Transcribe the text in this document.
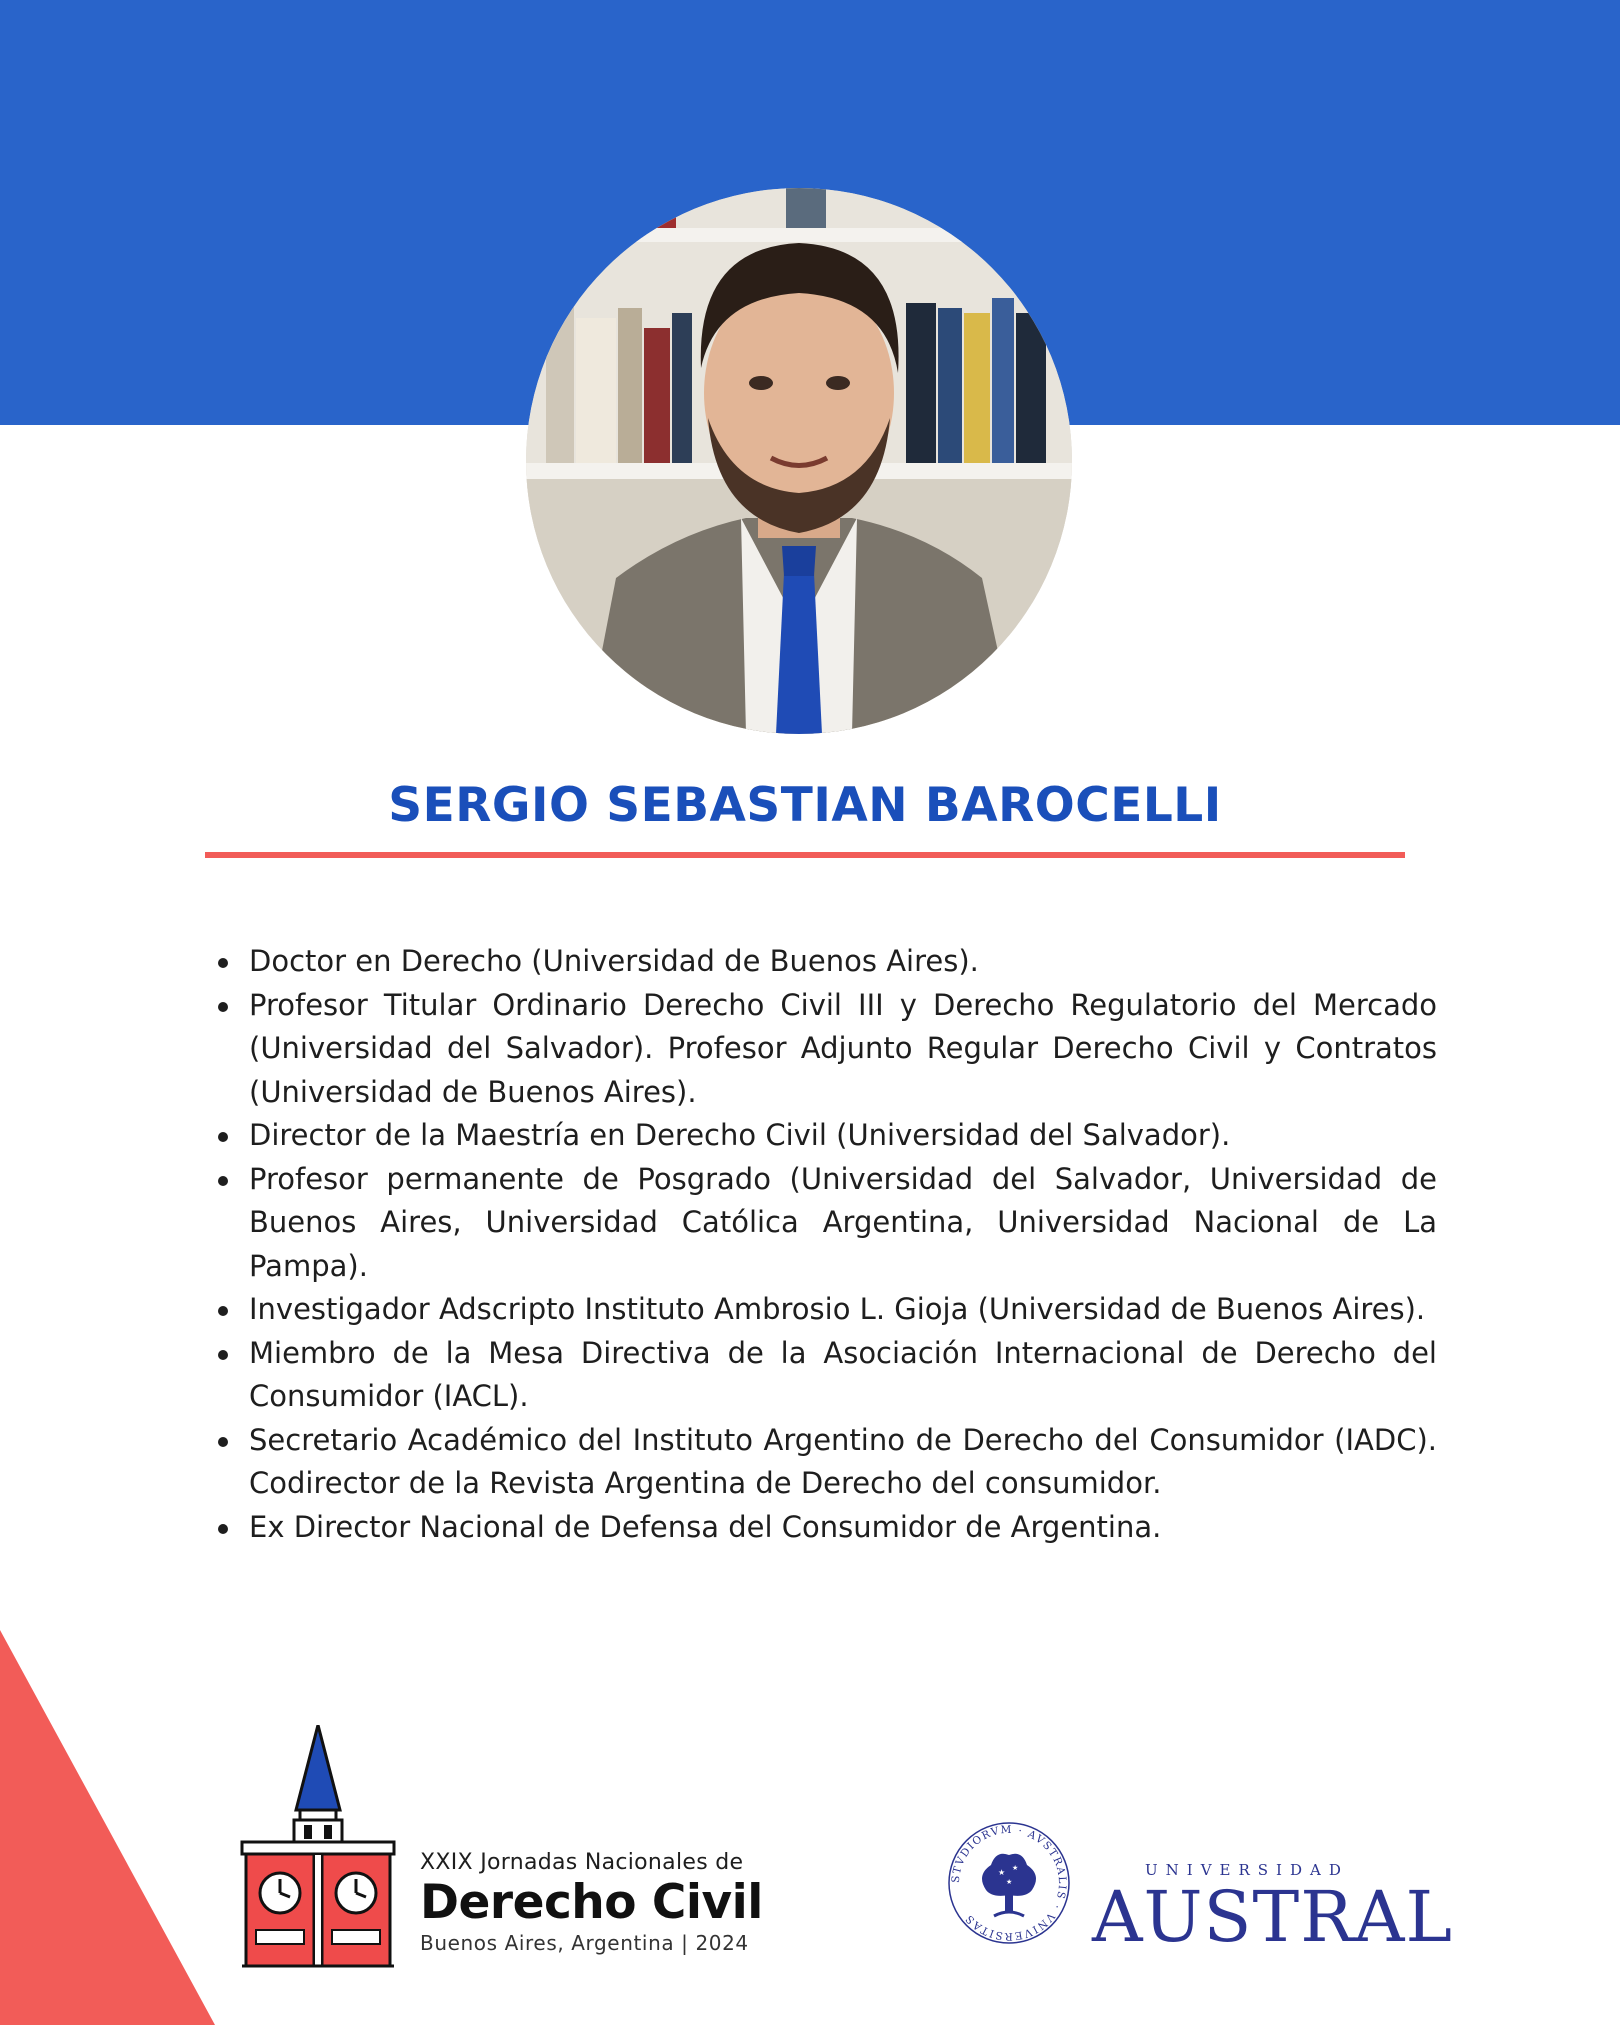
SERGIO SEBASTIAN BAROCELLI
Doctor en Derecho (Universidad de Buenos Aires).
Profesor Titular Ordinario Derecho Civil III y Derecho Regulatorio del Mercado (Universidad del Salvador). Profesor Adjunto Regular Derecho Civil y Contratos (Universidad de Buenos Aires).
Director de la Maestría en Derecho Civil (Universidad del Salvador).
Profesor permanente de Posgrado (Universidad del Salvador, Universidad de Buenos Aires, Universidad Católica Argentina, Universidad Nacional de La Pampa).
Investigador Adscripto Instituto Ambrosio L. Gioja (Universidad de Buenos Aires).
Miembro de la Mesa Directiva de la Asociación Internacional de Derecho del Consumidor (IACL).
Secretario Académico del Instituto Argentino de Derecho del Consumidor (IADC). Codirector de la Revista Argentina de Derecho del consumidor.
Ex Director Nacional de Defensa del Consumidor de Argentina.
XXIX Jornadas Nacionales de
Derecho Civil
Buenos Aires, Argentina | 2024
STVDIORVM · AVSTRALIS · VNIVERSITAS
★ ★
★
UNIVERSIDAD
AUSTRAL
